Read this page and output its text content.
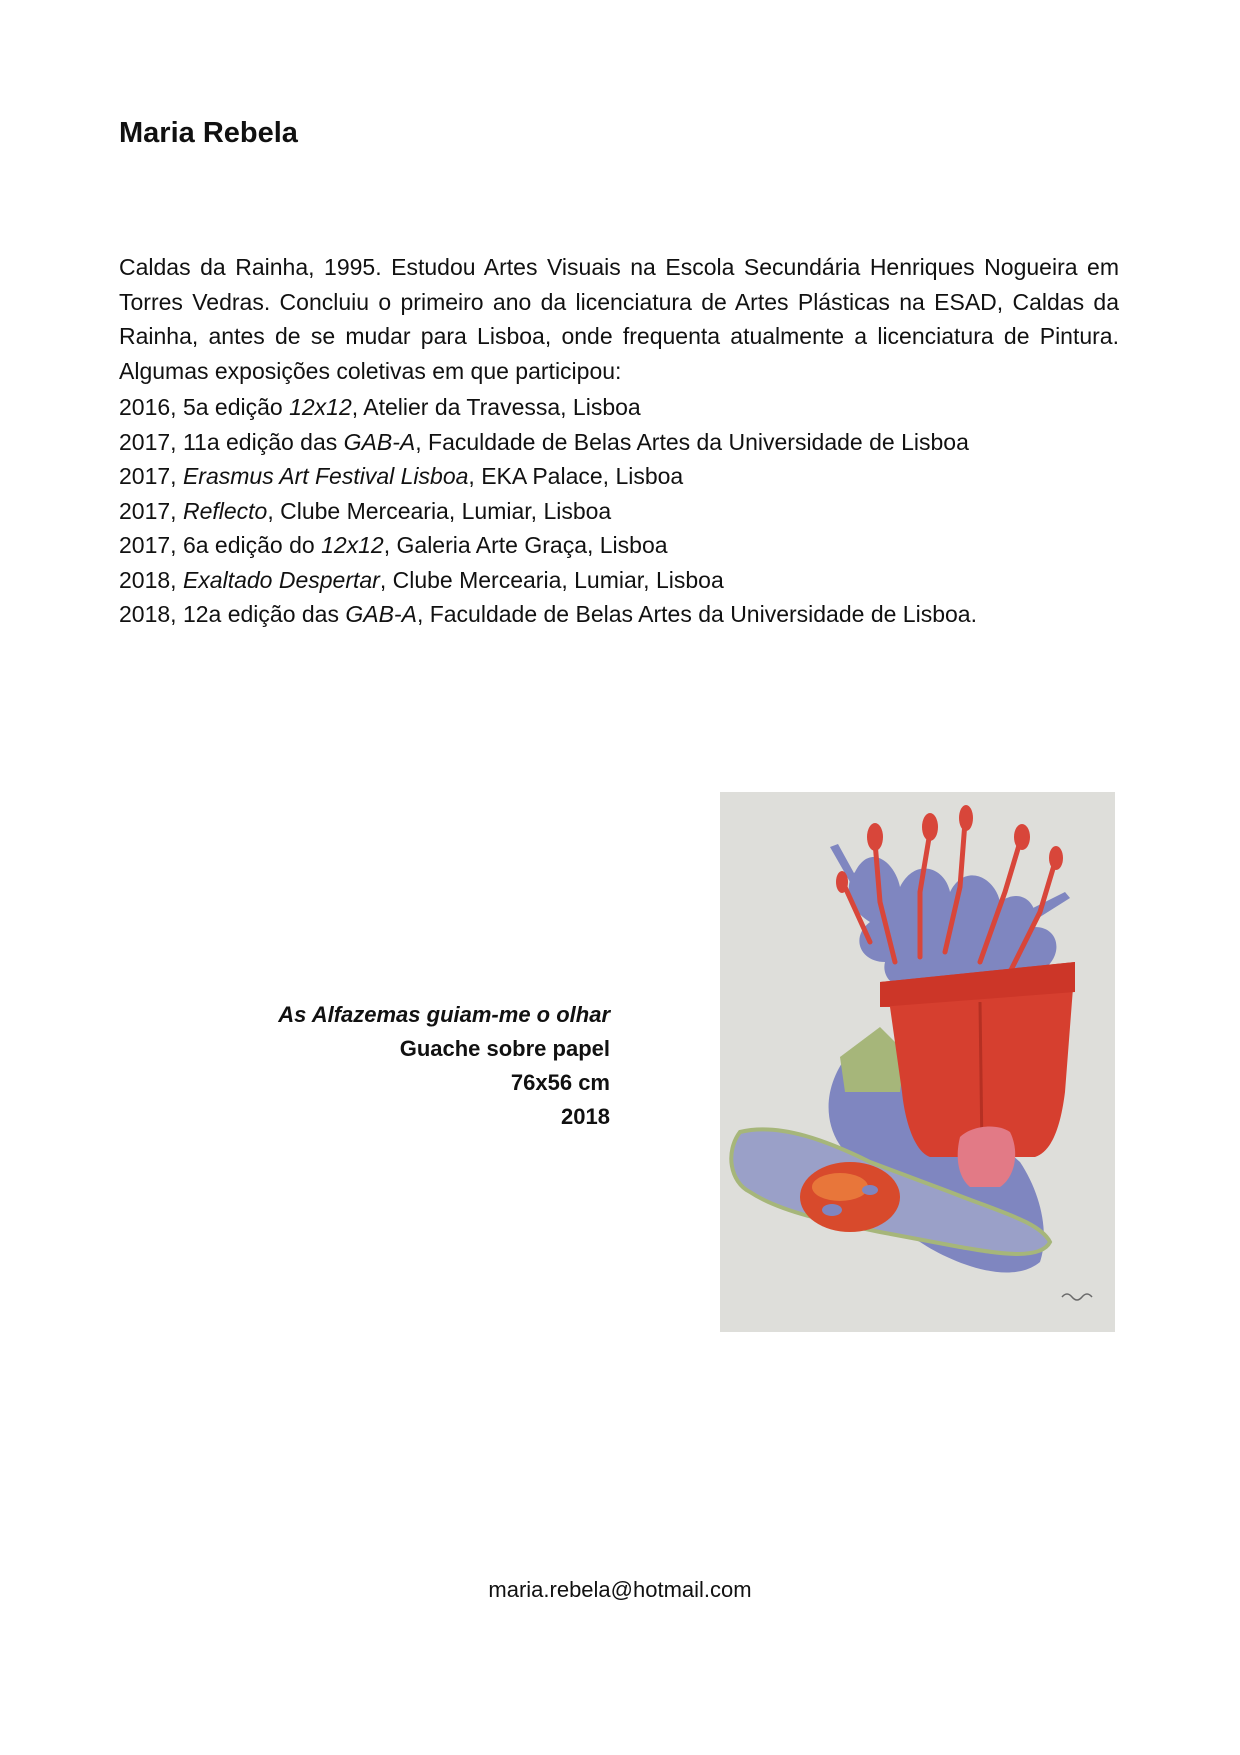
Maria Rebela

Caldas da Rainha, 1995. Estudou Artes Visuais na Escola Secundária Henriques Nogueira em Torres Vedras. Concluiu o primeiro ano da licenciatura de Artes Plásticas na ESAD, Caldas da Rainha, antes de se mudar para Lisboa, onde frequenta atualmente a licenciatura de Pintura. Algumas exposições coletivas em que participou:

2016, 5a edição 12x12, Atelier da Travessa, Lisboa
2017, 11a edição das GAB-A, Faculdade de Belas Artes da Universidade de Lisboa
2017, Erasmus Art Festival Lisboa, EKA Palace, Lisboa
2017, Reflecto, Clube Mercearia, Lumiar, Lisboa
2017, 6a edição do 12x12, Galeria Arte Graça, Lisboa
2018, Exaltado Despertar, Clube Mercearia, Lumiar, Lisboa
2018, 12a edição das GAB-A, Faculdade de Belas Artes da Universidade de Lisboa.
As Alfazemas guiam-me o olhar
Guache sobre papel
76x56 cm
2018

maria.rebela@hotmail.com
